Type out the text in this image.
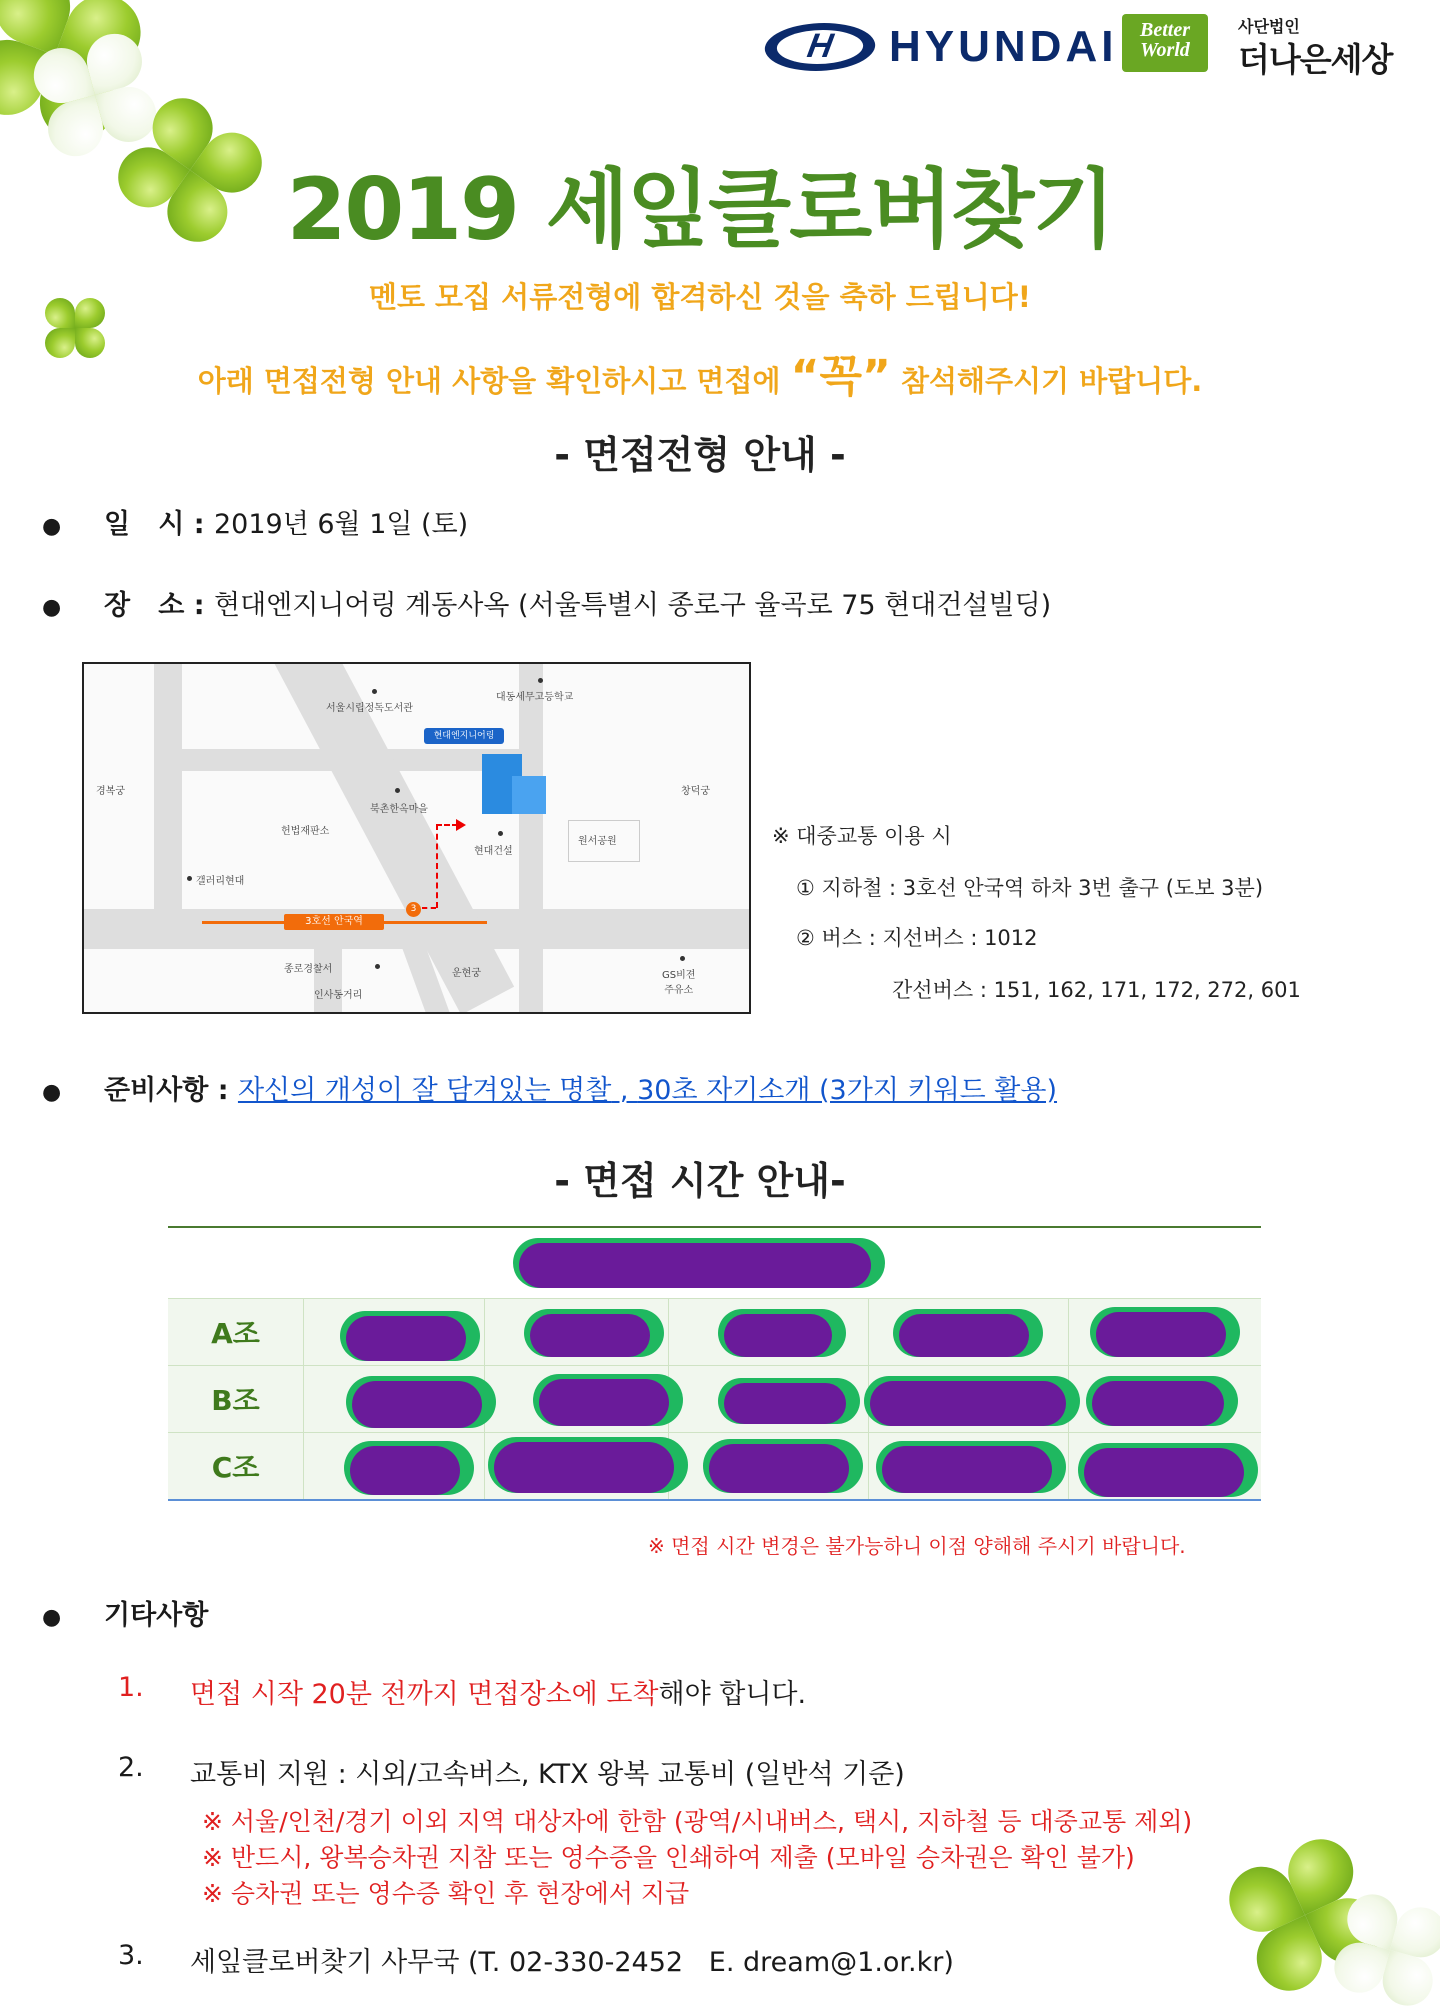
H
HYUNDAI	Better World
사단법인
더나은세상
2019 세잎클로버찾기
멘토 모집 서류전형에 합격하신 것을 축하 드립니다!
아래 면접전형 안내 사항을 확인하시고 면접에 “꼭” 참석해주시기 바랍니다.
- 면접전형 안내 -
●	일   시 : 2019년 6월 1일 (토)
●	장   소 : 현대엔지니어링 계동사옥 (서울특별시 종로구 율곡로 75 현대건설빌딩)
3호선 안국역
3
현대엔지니어링
서울시립정독도서관
대동세무고등학교
경복궁	창덕궁
북촌한옥마을
헌법재판소
현대건설
원서공원
갤러리현대
종로경찰서	운현궁
인사동거리
GS비젼
주유소
※ 대중교통 이용 시
① 지하철 : 3호선 안국역 하차 3번 출구 (도보 3분)
② 버스 : 지선버스 : 1012
간선버스 : 151, 162, 171, 172, 272, 601
●	준비사항 : 자신의 개성이 잘 담겨있는 명찰 , 30초 자기소개 (3가지 키워드 활용)
- 면접 시간 안내-
A조
B조
C조
※ 면접 시간 변경은 불가능하니 이점 양해해 주시기 바랍니다.
●	기타사항
1.	면접 시작 20분 전까지 면접장소에 도착해야 합니다.
2.	교통비 지원 : 시외/고속버스, KTX 왕복 교통비 (일반석 기준)
※ 서울/인천/경기 이외 지역 대상자에 한함 (광역/시내버스, 택시, 지하철 등 대중교통 제외)
※ 반드시, 왕복승차권 지참 또는 영수증을 인쇄하여 제출 (모바일 승차권은 확인 불가)
※ 승차권 또는 영수증 확인 후 현장에서 지급
3.	세잎클로버찾기 사무국 (T. 02-330-2452   E. dream@1.or.kr)
